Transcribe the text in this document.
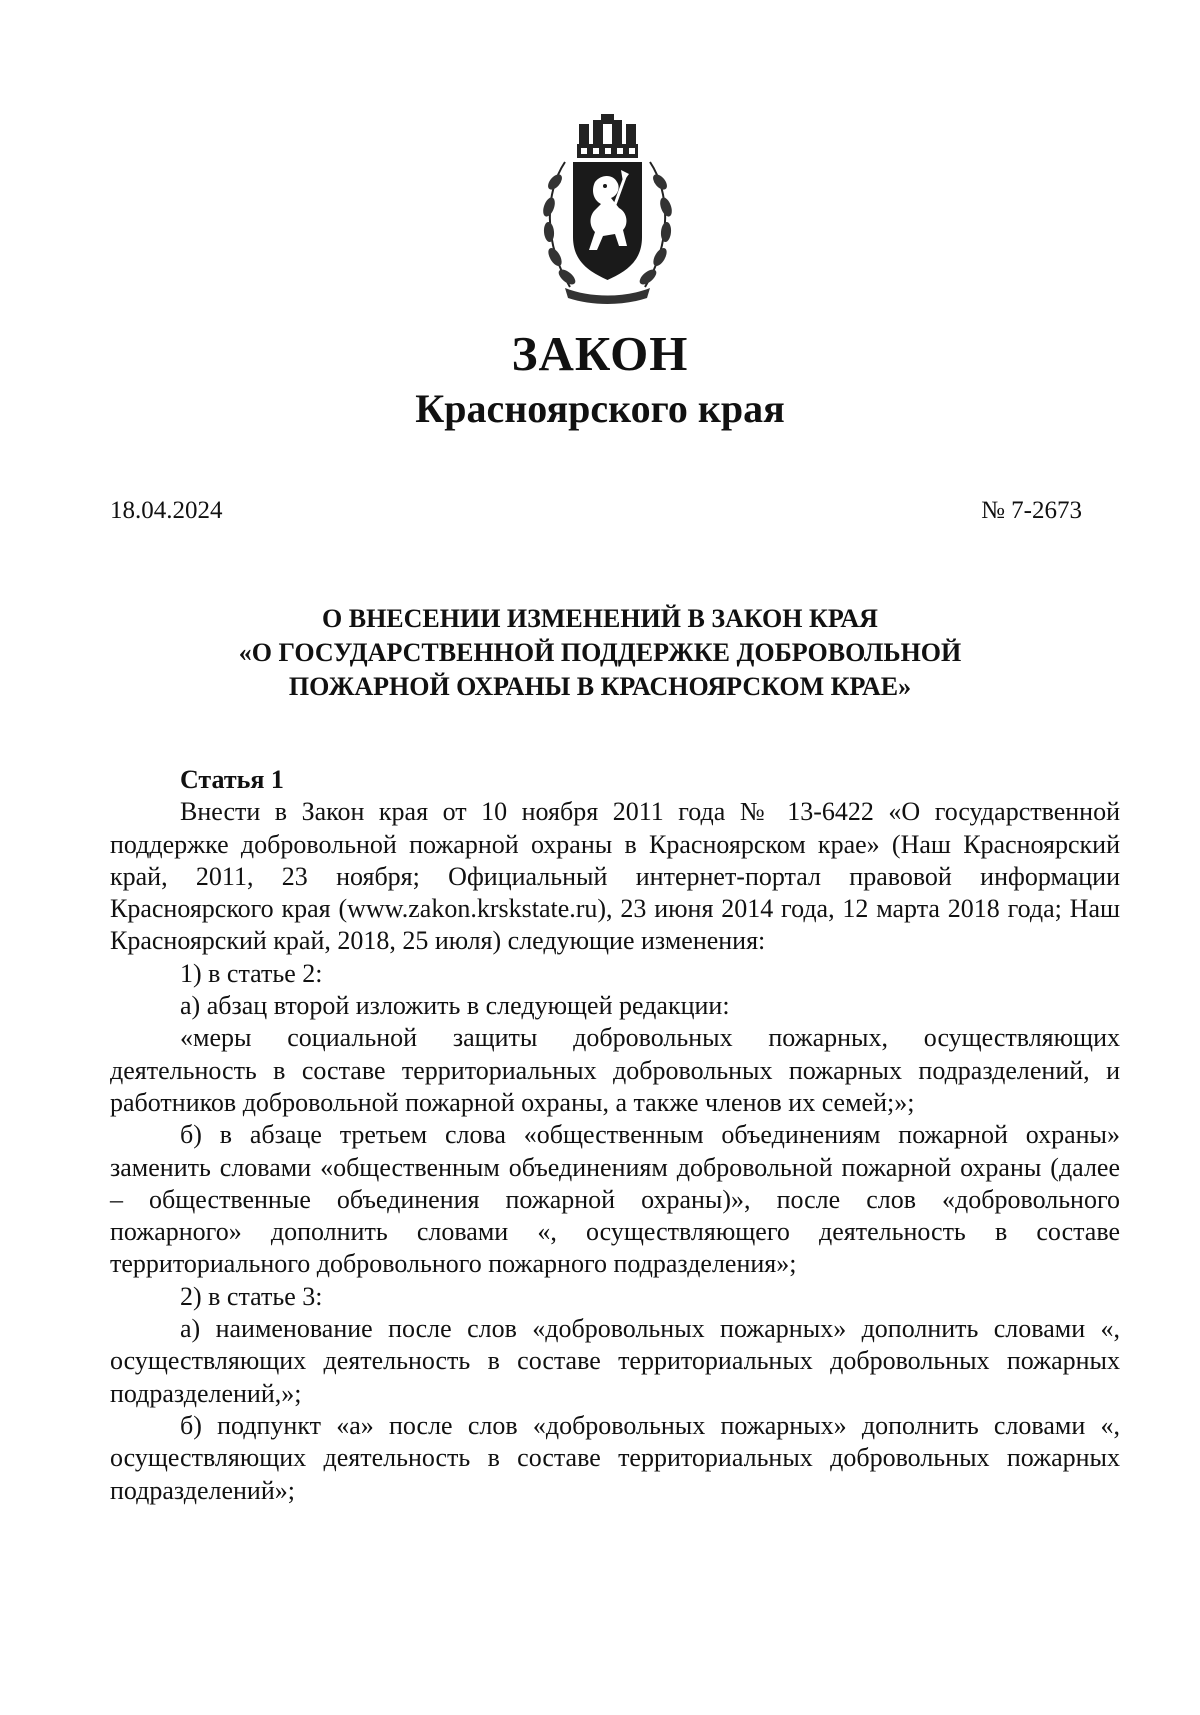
ЗАКОН
Красноярского края
18.04.2024	№ 7-2673
О ВНЕСЕНИИ ИЗМЕНЕНИЙ В ЗАКОН КРАЯ
«О ГОСУДАРСТВЕННОЙ ПОДДЕРЖКЕ ДОБРОВОЛЬНОЙ
ПОЖАРНОЙ ОХРАНЫ В КРАСНОЯРСКОМ КРАЕ»

Статья 1

Внести в Закон края от 10 ноября 2011 года № 13-6422 «О государственной поддержке добровольной пожарной охраны в Красноярском крае» (Наш Красноярский край, 2011, 23 ноября; Официальный интернет-портал правовой информации Красноярского края (www.zakon.krskstate.ru), 23 июня 2014 года, 12 марта 2018 года; Наш Красноярский край, 2018, 25 июля) следующие изменения:

1) в статье 2:

а) абзац второй изложить в следующей редакции:

«меры социальной защиты добровольных пожарных, осуществляющих деятельность в составе территориальных добровольных пожарных подразделений, и работников добровольной пожарной охраны, а также членов их семей;»;

б) в абзаце третьем слова «общественным объединениям пожарной охраны» заменить словами «общественным объединениям добровольной пожарной охраны (далее – общественные объединения пожарной охраны)», после слов «добровольного пожарного» дополнить словами «, осуществляющего деятельность в составе территориального добровольного пожарного подразделения»;

2) в статье 3:

а) наименование после слов «добровольных пожарных» дополнить словами «, осуществляющих деятельность в составе территориальных добровольных пожарных подразделений,»;

б) подпункт «а» после слов «добровольных пожарных» дополнить словами «, осуществляющих деятельность в составе территориальных добровольных пожарных подразделений»;
